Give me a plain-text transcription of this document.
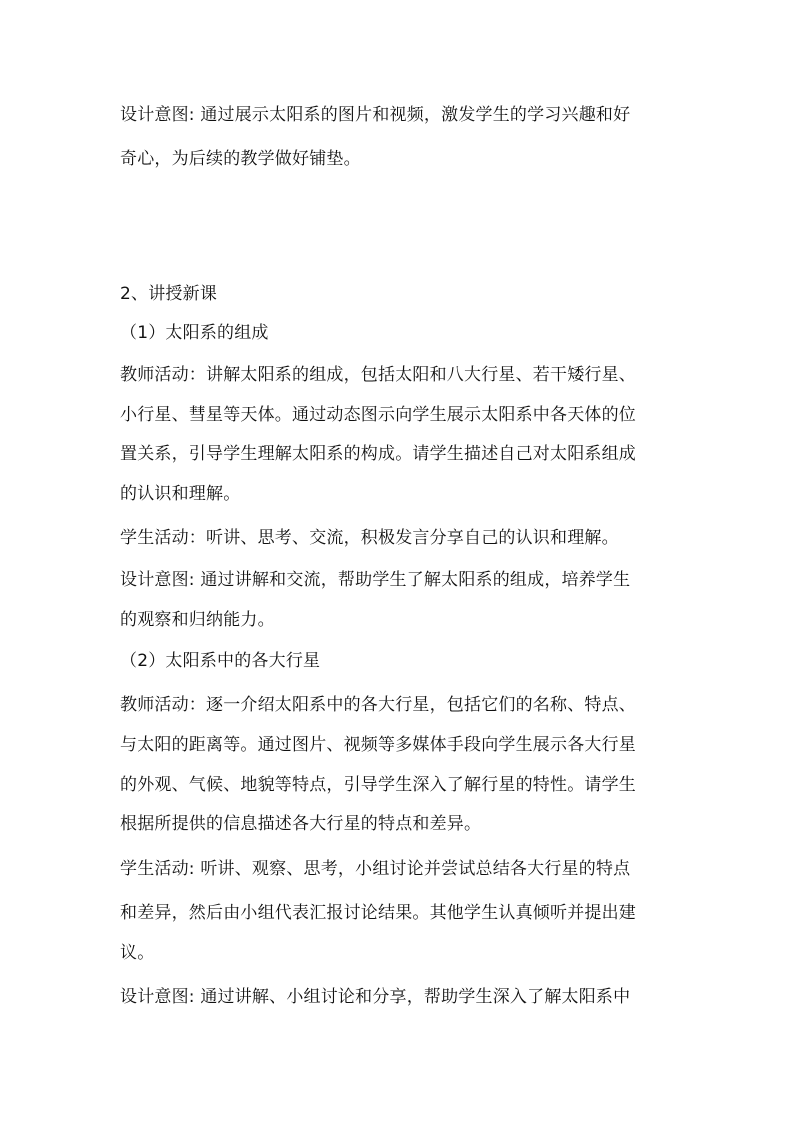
设计意图: 通过展示太阳系的图片和视频，激发学生的学习兴趣和好
奇心，为后续的教学做好铺垫。
2、讲授新课
（1）太阳系的组成
教师活动：讲解太阳系的组成，包括太阳和八大行星、若干矮行星、
小行星、彗星等天体。通过动态图示向学生展示太阳系中各天体的位
置关系，引导学生理解太阳系的构成。请学生描述自己对太阳系组成
的认识和理解。
学生活动：听讲、思考、交流，积极发言分享自己的认识和理解。
设计意图: 通过讲解和交流，帮助学生了解太阳系的组成，培养学生
的观察和归纳能力。
（2）太阳系中的各大行星
教师活动：逐一介绍太阳系中的各大行星，包括它们的名称、特点、
与太阳的距离等。通过图片、视频等多媒体手段向学生展示各大行星
的外观、气候、地貌等特点，引导学生深入了解行星的特性。请学生
根据所提供的信息描述各大行星的特点和差异。
学生活动: 听讲、观察、思考，小组讨论并尝试总结各大行星的特点
和差异，然后由小组代表汇报讨论结果。其他学生认真倾听并提出建
议。
设计意图: 通过讲解、小组讨论和分享，帮助学生深入了解太阳系中
